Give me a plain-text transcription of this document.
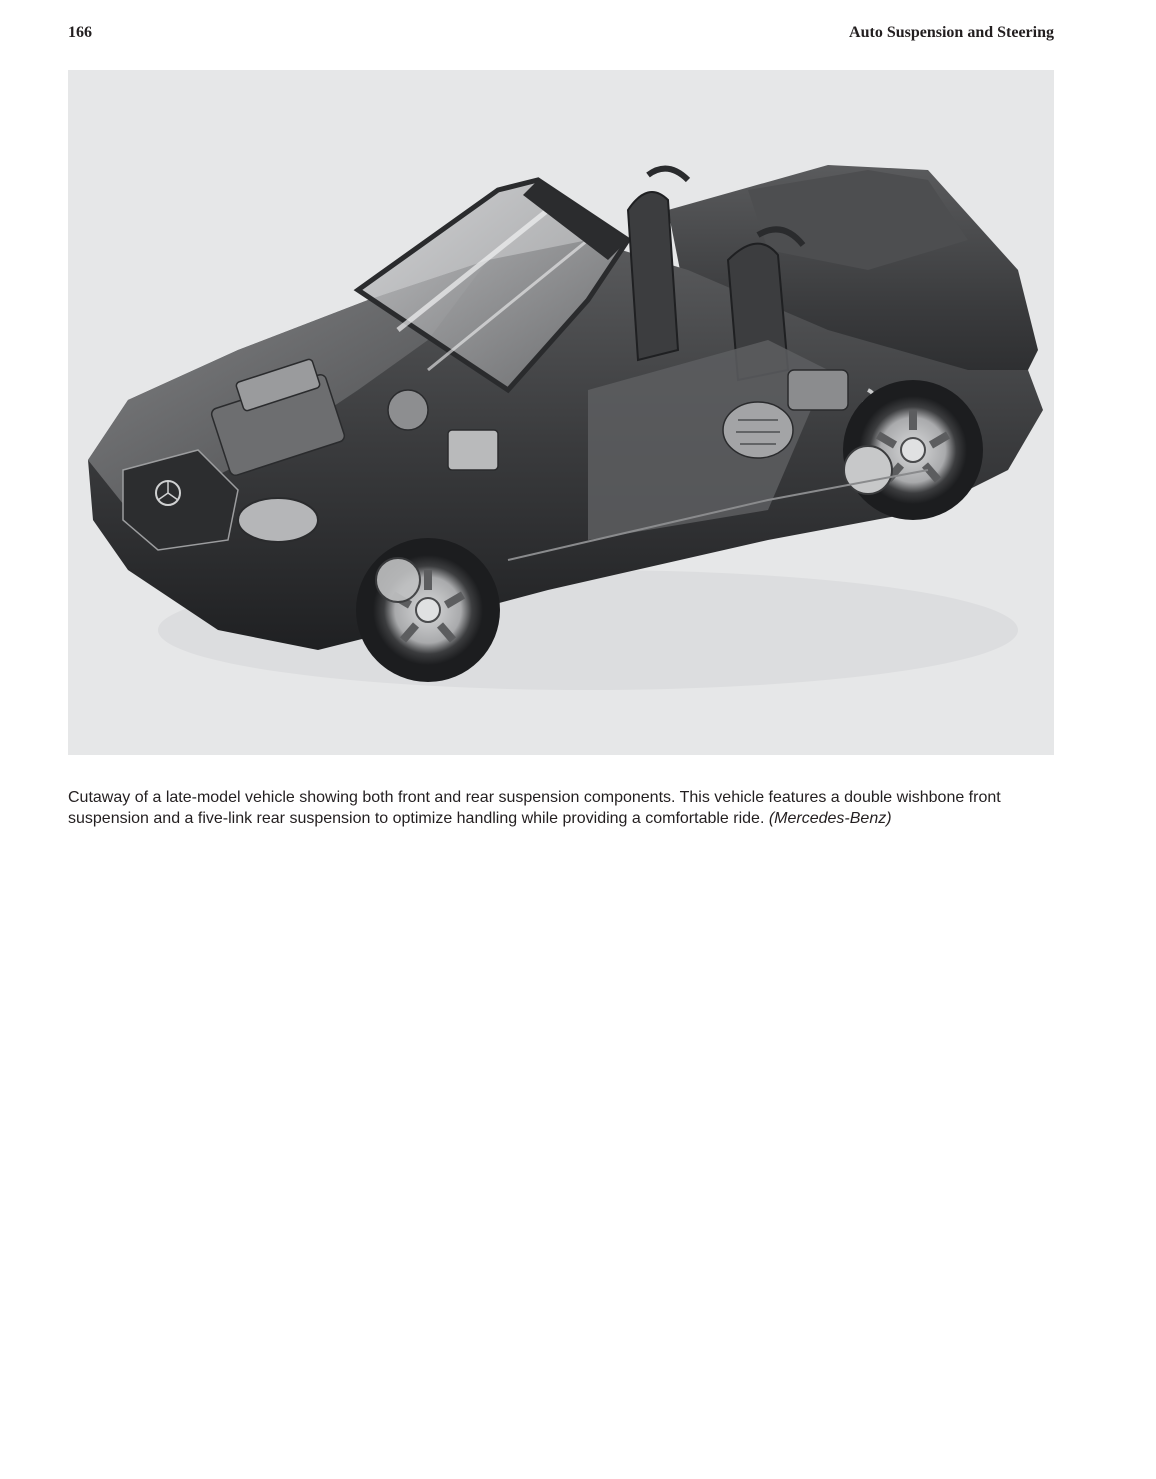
166	Auto Suspension and Steering

Cutaway of a late-model vehicle showing both front and rear suspension components. This vehicle features a double wishbone front suspension and a five-link rear suspension to optimize handling while providing a comfortable ride. (Mercedes-Benz)
